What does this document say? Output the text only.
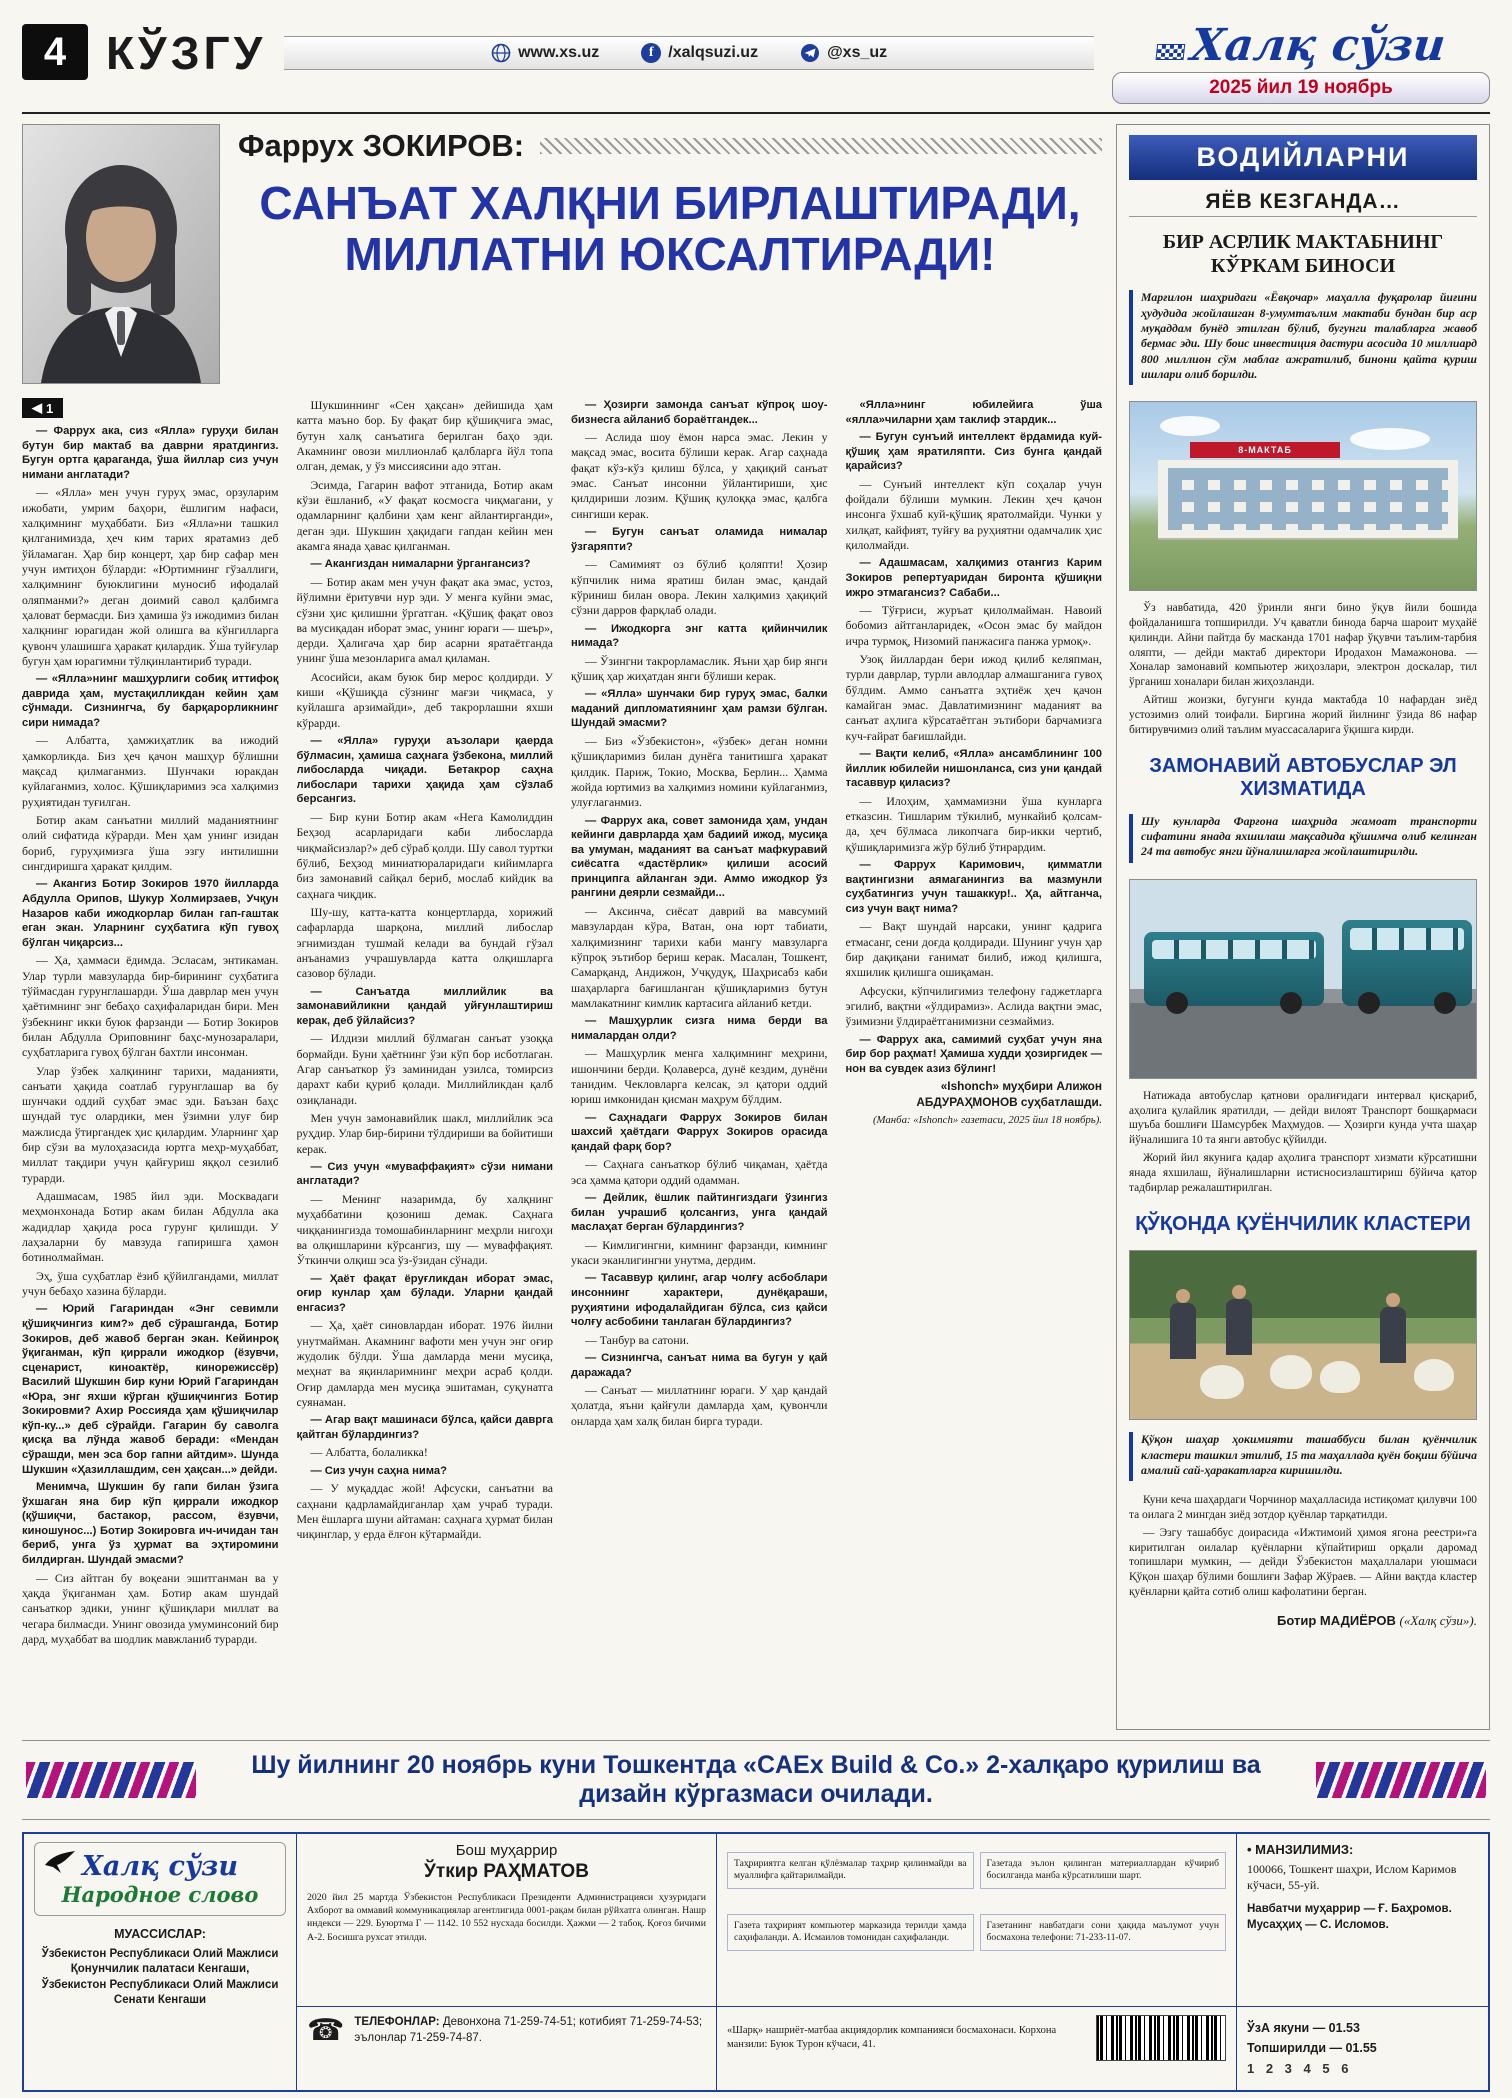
4 КЎЗГУ	www.xs.uz	f /xalqsuzi.uz	@xs_uz	Халқ сўзи
2025 йил 19 ноябрь
Фаррух ЗОКИРОВ:
САНЪАТ ХАЛҚНИ БИРЛАШТИРАДИ,
МИЛЛАТНИ ЮКСАЛТИРАДИ!
◀ 1

— Фаррух ака, сиз «Ялла» гуруҳи билан бутун бир мактаб ва даврни яратдингиз. Бугун ортга қараганда, ўша йиллар сиз учун нимани англатади?

— «Ялла» мен учун гуруҳ эмас, орзуларим ижобати, умрим баҳори, ёшлигим нафаси, халқимнинг муҳаббати. Биз «Ялла»ни ташкил қилганимизда, ҳеч ким тарих яратамиз деб ўйламаган. Ҳар бир концерт, ҳар бир сафар мен учун имтиҳон бўларди: «Юртимнинг гўзаллиги, халқимнинг буюклигини муносиб ифодалай оляпманми?» деган доимий савол қалбимга ҳаловат бермасди. Биз ҳамиша ўз ижодимиз билан халқнинг юрагидан жой олишга ва кўнгилларга қувонч улашишга ҳаракат қилардик. Ўша туйғулар бугун ҳам юрагимни тўлқинлантириб туради.

— «Ялла»нинг машҳурлиги собиқ иттифоқ даврида ҳам, мустақилликдан кейин ҳам сўнмади. Сизнингча, бу барқарорликнинг сири нимада?

— Албатта, ҳамжиҳатлик ва ижодий ҳамкорликда. Биз ҳеч қачон машҳур бўлишни мақсад қилмаганмиз. Шунчаки юракдан куйлаганмиз, холос. Қўшиқларимиз эса халқимиз руҳиятидан туғилган.

Ботир акам санъатни миллий маданиятнинг олий сифатида кўрарди. Мен ҳам унинг изидан бориб, гуруҳимизга ўша эзгу интилишни сингдиришга ҳаракат қилдим.

— Акангиз Ботир Зокиров 1970 йилларда Абдулла Орипов, Шукур Холмирзаев, Учқун Назаров каби ижодкорлар билан гап-гаштак еган экан. Уларнинг суҳбатига кўп гувоҳ бўлган чиқарсиз...

— Ҳа, ҳаммаси ёдимда. Эсласам, энтикаман. Улар турли мавзуларда бир-бирининг суҳбатига тўймасдан гурунглашарди. Ўша даврлар мен учун ҳаётимнинг энг бебаҳо саҳифаларидан бири. Мен ўзбекнинг икки буюк фарзанди — Ботир Зокиров билан Абдулла Ориповнинг баҳс-мунозаралари, суҳбатларига гувоҳ бўлган бахтли инсонман.

Улар ўзбек халқининг тарихи, маданияти, санъати ҳақида соатлаб гурунглашар ва бу шунчаки оддий суҳбат эмас эди. Баъзан баҳс шундай тус олардики, мен ўзимни улуғ бир мажлисда ўтиргандек ҳис қилардим. Уларнинг ҳар бир сўзи ва мулоҳазасида юртга меҳр-муҳаббат, миллат тақдири учун қайғуриш яққол сезилиб турарди.

Адашмасам, 1985 йил эди. Москвадаги меҳмонхонада Ботир акам билан Абдулла ака жадидлар ҳақида роса гурунг қилишди. У лаҳзаларни бу мавзуда гапиришга ҳамон ботинолмайман.

Эҳ, ўша суҳбатлар ёзиб қўйилгандами, миллат учун бебаҳо хазина бўларди.

— Юрий Гагариндан «Энг севимли қўшиқчингиз ким?» деб сўрашганда, Ботир Зокиров, деб жавоб берган экан. Кейинроқ ўқиганман, кўп қиррали ижодкор (ёзувчи, сценарист, киноактёр, кинорежиссёр) Василий Шукшин бир куни Юрий Гагариндан «Юра, энг яхши кўрган қўшиқчингиз Ботир Зокировми? Ахир Россияда ҳам қўшиқчилар кўп-ку...» деб сўрайди. Гагарин бу саволга қисқа ва лўнда жавоб беради: «Мендан сўрашди, мен эса бор гапни айтдим». Шунда Шукшин «Ҳазиллашдим, сен ҳақсан...» дейди.

Менимча, Шукшин бу гапи билан ўзига ўхшаган яна бир кўп қиррали ижодкор (қўшиқчи, бастакор, рассом, ёзувчи, киношунос...) Ботир Зокировга ич-ичидан тан бериб, унга ўз ҳурмат ва эҳтиромини билдирган. Шундай эмасми?

— Сиз айтган бу воқеани эшитганман ва у ҳақда ўқиганман ҳам. Ботир акам шундай санъаткор эдики, унинг қўшиқлари миллат ва чегара билмасди. Унинг овозида умуминсоний бир дард, муҳаббат ва шодлик мавжланиб турарди.

Шукшиннинг «Сен ҳақсан» дейишида ҳам катта маъно бор. Бу фақат бир қўшиқчига эмас, бутун халқ санъатига берилган баҳо эди. Акамнинг овози миллионлаб қалбларга йўл топа олган, демак, у ўз миссиясини адо этган.

Эсимда, Гагарин вафот этганида, Ботир акам кўзи ёшланиб, «У фақат космосга чиқмагани, у одамларнинг қалбини ҳам кенг айлантирганди», деган эди. Шукшин ҳақидаги гапдан кейин мен акамга янада ҳавас қилганман.

— Акангиздан нималарни ўргангансиз?

— Ботир акам мен учун фақат ака эмас, устоз, йўлимни ёритувчи нур эди. У менга куйни эмас, сўзни ҳис қилишни ўргатган. «Қўшиқ фақат овоз ва мусиқадан иборат эмас, унинг юраги — шеър», дерди. Ҳалигача ҳар бир асарни яратаётганда унинг ўша мезонларига амал қиламан.

Асосийси, акам буюк бир мерос қолдирди. У киши «Қўшиқда сўзнинг мағзи чиқмаса, у куйлашга арзимайди», деб такрорлашни яхши кўрарди.

— «Ялла» гуруҳи аъзолари қаерда бўлмасин, ҳамиша саҳнага ўзбекона, миллий либосларда чиқади. Бетакрор саҳна либослари тарихи ҳақида ҳам сўзлаб берсангиз.

— Бир куни Ботир акам «Нега Камолиддин Беҳзод асарларидаги каби либосларда чиқмайсизлар?» деб сўраб қолди. Шу савол туртки бўлиб, Беҳзод миниатюраларидаги кийимларга биз замонавий сайқал бериб, мослаб кийдик ва саҳнага чиқдик.

Шу-шу, катта-катта концертларда, хорижий сафарларда шарқона, миллий либослар эгнимиздан тушмай келади ва бундай гўзал анъанамиз учрашувларда катта олқишларга сазовор бўлади.

— Санъатда миллийлик ва замонавийликни қандай уйғунлаштириш керак, деб ўйлайсиз?

— Илдизи миллий бўлмаган санъат узоққа бормайди. Буни ҳаётнинг ўзи кўп бор исботлаган. Агар санъаткор ўз заминидан узилса, томирсиз дарахт каби қуриб қолади. Миллийликдан қалб озиқланади.

Мен учун замонавийлик шакл, миллийлик эса руҳдир. Улар бир-бирини тўлдириши ва бойитиши керак.

— Сиз учун «муваффақият» сўзи нимани англатади?

— Менинг назаримда, бу халқнинг муҳаббатини қозониш демак. Саҳнага чиққанингизда томошабинларнинг меҳрли нигоҳи ва олқишларини кўрсангиз, шу — муваффақият. Ўткинчи олқиш эса ўз-ўзидан сўнади.

— Ҳаёт фақат ёруғликдан иборат эмас, оғир кунлар ҳам бўлади. Уларни қандай енгасиз?

— Ҳа, ҳаёт синовлардан иборат. 1976 йилни унутмайман. Акамнинг вафоти мен учун энг оғир жудолик бўлди. Ўша дамларда мени мусиқа, меҳнат ва яқинларимнинг меҳри асраб қолди. Оғир дамларда мен мусиқа эшитаман, суқунатга суянаман.

— Агар вақт машинаси бўлса, қайси даврга қайтган бўлардингиз?

— Албатта, болаликка!

— Сиз учун саҳна нима?

— У муқаддас жой! Афсуски, санъатни ва саҳнани қадрламайдиганлар ҳам учраб туради. Мен ёшларга шуни айтаман: саҳнага ҳурмат билан чиқинглар, у ерда ёлғон кўтармайди.

— Ҳозирги замонда санъат кўпроқ шоу-бизнесга айланиб бораётгандек...

— Аслида шоу ёмон нарса эмас. Лекин у мақсад эмас, восита бўлиши керак. Агар саҳнада фақат кўз-кўз қилиш бўлса, у ҳақиқий санъат эмас. Санъат инсонни ўйлантириши, ҳис қилдириши лозим. Қўшиқ қулоққа эмас, қалбга сингиши керак.

— Бугун санъат оламида нималар ўзгаряпти?

— Самимият оз бўлиб қоляпти! Ҳозир кўпчилик нима яратиш билан эмас, қандай кўриниш билан овора. Лекин халқимиз ҳақиқий сўзни дарров фарқлаб олади.

— Ижодкорга энг катта қийинчилик нимада?

— Ўзингни такрорламаслик. Яъни ҳар бир янги қўшиқ ҳар жиҳатдан янги бўлиши керак.

— «Ялла» шунчаки бир гуруҳ эмас, балки маданий дипломатиянинг ҳам рамзи бўлган. Шундай эмасми?

— Биз «Ўзбекистон», «ўзбек» деган номни қўшиқларимиз билан дунёга танитишга ҳаракат қилдик. Париж, Токио, Москва, Берлин... Ҳамма жойда юртимиз ва халқимиз номини куйлаганмиз, улуғлаганмиз.

— Фаррух ака, совет замонида ҳам, ундан кейинги даврларда ҳам бадиий ижод, мусиқа ва умуман, маданият ва санъат мафкуравий сиёсатга «дастёрлик» қилиши асосий принципга айланган эди. Аммо ижодкор ўз рангини деярли сезмайди...

— Аксинча, сиёсат даврий ва мавсумий мавзулардан кўра, Ватан, она юрт табиати, халқимизнинг тарихи каби мангу мавзуларга кўпроқ эътибор бериш керак. Масалан, Тошкент, Самарқанд, Андижон, Учқудуқ, Шаҳрисабз каби шаҳарларга бағишланган қўшиқларимиз бутун мамлакатнинг кимлик картасига айланиб кетди.

— Машҳурлик сизга нима берди ва нималардан олди?

— Машҳурлик менга халқимнинг меҳрини, ишончини берди. Қолаверса, дунё кездим, дунёни танидим. Чекловларга келсак, эл қатори оддий юриш имконидан қисман маҳрум бўлдим.

— Саҳнадаги Фаррух Зокиров билан шахсий ҳаётдаги Фаррух Зокиров орасида қандай фарқ бор?

— Саҳнага санъаткор бўлиб чиқаман, ҳаётда эса ҳамма қатори оддий одамман.

— Дейлик, ёшлик пайтингиздаги ўзингиз билан учрашиб қолсангиз, унга қандай маслаҳат берган бўлардингиз?

— Кимлигингни, кимнинг фарзанди, кимнинг укаси эканлигингни унутма, дердим.

— Тасаввур қилинг, агар чолғу асбоблари инсоннинг характери, дунёқараши, руҳиятини ифодалайдиган бўлса, сиз қайси чолғу асбобини танлаган бўлардингиз?

— Танбур ва сатони.

— Сизнингча, санъат нима ва бугун у қай даражада?

— Санъат — миллатнинг юраги. У ҳар қандай ҳолатда, яъни қайғули дамларда ҳам, қувончли онларда ҳам халқ билан бирга туради.

«Ялла»нинг юбилейига ўша «ялла»чиларни ҳам таклиф этардик...

— Бугун сунъий интеллект ёрдамида куй-қўшиқ ҳам яратиляпти. Сиз бунга қандай қарайсиз?

— Сунъий интеллект кўп соҳалар учун фойдали бўлиши мумкин. Лекин ҳеч қачон инсонга ўхшаб куй-қўшиқ яратолмайди. Чунки у хилқат, кайфият, туйғу ва руҳиятни одамчалик ҳис қилолмайди.

— Адашмасам, халқимиз отангиз Карим Зокиров репертуаридан биронта қўшиқни ижро этмагансиз? Сабаби...

— Тўғриси, журъат қилолмайман. Навоий бобомиз айтганларидек, «Осон эмас бу майдон ичра турмоқ, Низомий панжасига панжа урмоқ».

Узоқ йиллардан бери ижод қилиб келяпман, турли даврлар, турли авлодлар алмашганига гувоҳ бўлдим. Аммо санъатга эҳтиёж ҳеч қачон камайган эмас. Давлатимизнинг маданият ва санъат аҳлига кўрсатаётган эътибори барчамизга куч-ғайрат бағишлайди.

— Вақти келиб, «Ялла» ансамблининг 100 йиллик юбилейи нишонланса, сиз уни қандай тасаввур қиласиз?

— Илоҳим, ҳаммамизни ўша кунларга етказсин. Тишларим тўкилиб, мункайиб қолсам-да, ҳеч бўлмаса ликопчага бир-икки чертиб, қўшиқларимизга жўр бўлиб ўтирардим.

— Фаррух Каримович, қимматли вақтингизни аямаганингиз ва мазмунли суҳбатингиз учун ташаккур!.. Ҳа, айтганча, сиз учун вақт нима?

— Вақт шундай нарсаки, унинг қадрига етмасанг, сени доғда қолдиради. Шунинг учун ҳар бир дақиқани ғанимат билиб, ижод қилишга, яхшилик қилишга ошиқаман.

Афсуски, кўпчилигимиз телефону гаджетларга эгилиб, вақтни «ўлдирамиз». Аслида вақтни эмас, ўзимизни ўлдираётганимизни сезмаймиз.

— Фаррух ака, самимий суҳбат учун яна бир бор раҳмат! Ҳамиша худди ҳозиргидек — нон ва сувдек азиз бўлинг!

«Ishonch» муҳбири Алижон АБДУРАҲМОНОВ суҳбатлашди.

(Манба: «Ishonch» газетаси, 2025 йил 18 ноябрь).

ВОДИЙЛАРНИ
ЯЁВ КЕЗГАНДА…
БИР АСРЛИК МАКТАБНИНГ КЎРКАМ БИНОСИ

Марғилон шаҳридаги «Ёвқочар» маҳалла фуқаролар йиғини ҳудудида жойлашган 8-умумтаълим мактаби бундан бир аср муқаддам бунёд этилган бўлиб, бугунги талабларга жавоб бермас эди. Шу боис инвестиция дастури асосида 10 миллиард 800 миллион сўм маблағ ажратилиб, бинони қайта қуриш ишлари олиб борилди.

8-МАКТАБ

Ўз навбатида, 420 ўринли янги бино ўқув йили бошида фойдаланишга топширилди. Уч қаватли бинода барча шароит муҳайё қилинди. Айни пайтда бу масканда 1701 нафар ўқувчи таълим-тарбия оляпти, — дейди мактаб директори Иродахон Мамажонова. — Хоналар замонавий компьютер жиҳозлари, электрон доскалар, тил ўрганиш хоналари билан жиҳозланди.

Айтиш жоизки, бугунги кунда мактабда 10 нафардан зиёд устозимиз олий тоифали. Биргина жорий йилнинг ўзида 86 нафар битирувчимиз олий таълим муассасаларига ўқишга кирди.

ЗАМОНАВИЙ АВТОБУСЛАР ЭЛ ХИЗМАТИДА

Шу кунларда Фарғона шаҳрида жамоат транспорти сифатини янада яхшилаш мақсадида қўшимча олиб келинган 24 та автобус янги йўналишларга жойлаштирилди.

Натижада автобуслар қатнови оралиғидаги интервал қисқариб, аҳолига қулайлик яратилди, — дейди вилоят Транспорт бошқармаси шуъба бошлиғи Шамсурбек Маҳмудов. — Ҳозирги кунда учта шаҳар йўналишига 10 та янги автобус қўйилди.

Жорий йил якунига қадар аҳолига транспорт хизмати кўрсатишни янада яхшилаш, йўналишларни истисносизлаштириш бўйича қатор тадбирлар режалаштирилган.

ҚЎҚОНДА ҚУЁНЧИЛИК КЛАСТЕРИ

Қўқон шаҳар ҳокимияти ташаббуси билан қуёнчилик кластери ташкил этилиб, 15 та маҳаллада қуён боқиш бўйича амалий сай-ҳаракатларга киришилди.

Куни кеча шаҳардаги Чорчинор маҳалласида истиқомат қилувчи 100 та оилага 2 мингдан зиёд зотдор қуёнлар тарқатилди.

— Эзгу ташаббус доирасида «Ижтимоий ҳимоя ягона реестри»га киритилган оилалар қуёнларни кўпайтириш орқали даромад топишлари мумкин, — дейди Ўзбекистон маҳаллалари уюшмаси Қўқон шаҳар бўлими бошлиғи Зафар Жўраев. — Айни вақтда кластер қуёнларни қайта сотиб олиш кафолатини берган.

Ботир МАДИЁРОВ («Халқ сўзи»).
Шу йилнинг 20 ноябрь куни Тошкентда «CAEx Build & Co.» 2-халқаро қурилиш ва дизайн кўргазмаси очилади.
Халқ сўзи
Народное слово
МУАССИСЛАР:
Ўзбекистон Республикаси Олий Мажлиси Қонунчилик палатаси Кенгаши,
Ўзбекистон Республикаси Олий Мажлиси Сенати Кенгаши
Бош муҳаррир
Ўткир РАҲМАТОВ
2020 йил 25 мартда Ўзбекистон Республикаси Президенти Администрацияси ҳузуридаги Ахборот ва оммавий коммуникациялар агентлигида 0001-рақам билан рўйхатга олинган. Нашр индекси — 229. Буюртма Г — 1142. 10 552 нусхада босилди. Ҳажми — 2 табоқ. Қоғоз бичими А-2. Босишга рухсат этилди.

Таҳририятга келган қўлёзмалар таҳрир қилинмайди ва муаллифга қайтарилмайди.

Газетада эълон қилинган материаллардан кўчириб босилганда манба кўрсатилиши шарт.

Газета таҳририят компьютер марказида терилди ҳамда саҳифаланди. А. Исмаилов томонидан саҳифаланди.

Газетанинг навбатдаги сони ҳақида маълумот учун босмахона телефони: 71-233-11-07.

• МАНЗИЛИМИЗ:
100066, Тошкент шаҳри, Ислом Каримов кўчаси, 55-уй.
Навбатчи муҳаррир — Ғ. Баҳромов.
Мусаҳҳиҳ — С. Исломов.
☎ ТЕЛЕФОНЛАР: Девонхона 71-259-74-51; котибият 71-259-74-53; эълонлар 71-259-74-87.
«Шарқ» нашриёт-матбаа акциядорлик компанияси босмахонаси. Корхона манзили: Буюк Турон кўчаси, 41.
ЎзА якуни — 01.53
Топширилди — 01.55
1 2 3 4 5 6
